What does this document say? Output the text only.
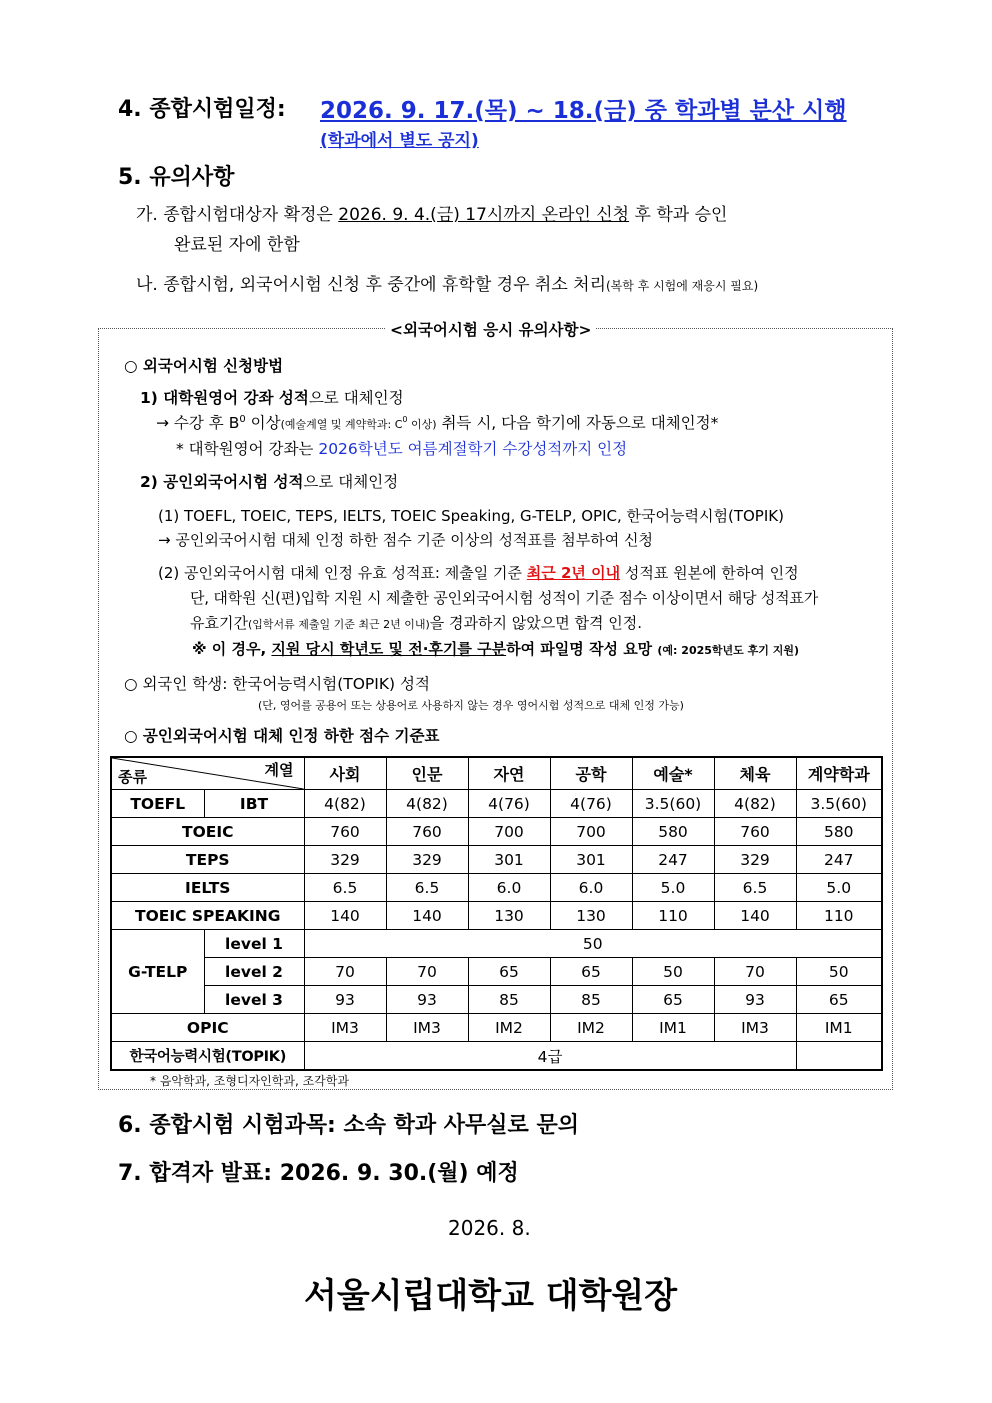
4. 종합시험일정: 2026. 9. 17.(목) ~ 18.(금) 중 학과별 분산 시행
(학과에서 별도 공지)
5. 유의사항
가. 종합시험대상자 확정은 2026. 9. 4.(금) 17시까지 온라인 신청 후 학과 승인
완료된 자에 한함
나. 종합시험, 외국어시험 신청 후 중간에 휴학할 경우 취소 처리(복학 후 시험에 재응시 필요)
<외국어시험 응시 유의사항>
○ 외국어시험 신청방법
1) 대학원영어 강좌 성적으로 대체인정
→ 수강 후 $B^0$ 이상(예술계열 및 계약학과: $C^0$ 이상) 취득 시, 다음 학기에 자동으로 대체인정*
* 대학원영어 강좌는 2026학년도 여름계절학기 수강성적까지 인정
2) 공인외국어시험 성적으로 대체인정
(1) TOEFL, TOEIC, TEPS, IELTS, TOEIC Speaking, G-TELP, OPIC, 한국어능력시험(TOPIK)
→ 공인외국어시험 대체 인정 하한 점수 기준 이상의 성적표를 첨부하여 신청
(2) 공인외국어시험 대체 인정 유효 성적표: 제출일 기준 최근 2년 이내 성적표 원본에 한하여 인정
단, 대학원 신(편)입학 지원 시 제출한 공인외국어시험 성적이 기준 점수 이상이면서 해당 성적표가
유효기간(입학서류 제출일 기준 최근 2년 이내)을 경과하지 않았으면 합격 인정.
※ 이 경우, 지원 당시 학년도 및 전·후기를 구분하여 파일명 작성 요망 (예: 2025학년도 후기 지원)
○ 외국인 학생: 한국어능력시험(TOPIK) 성적
(단, 영어를 공용어 또는 상용어로 사용하지 않는 경우 영어시험 성적으로 대체 인정 가능)
○ 공인외국어시험 대체 인정 하한 점수 기준표
종류 계열		사회	인문	자연	공학	예술*	체육	계약학과
TOEFL	IBT	4(82)	4(82)	4(76)	4(76)	3.5(60)	4(82)	3.5(60)
TOEIC		760	760	700	700	580	760	580
TEPS		329	329	301	301	247	329	247
IELTS		6.5	6.5	6.0	6.0	5.0	6.5	5.0
TOEIC SPEAKING		140	140	130	130	110	140	110
G-TELP	level 1	50						
	level 2	70	70	65	65	50	70	50
	level 3	93	93	85	85	65	93	65
OPIC		IM3	IM3	IM2	IM2	IM1	IM3	IM1
한국어능력시험(TOPIK)		4급						
* 음악학과, 조형디자인학과, 조각학과
6. 종합시험 시험과목: 소속 학과 사무실로 문의
7. 합격자 발표: 2026. 9. 30.(월) 예정
2026. 8.
서울시립대학교 대학원장
